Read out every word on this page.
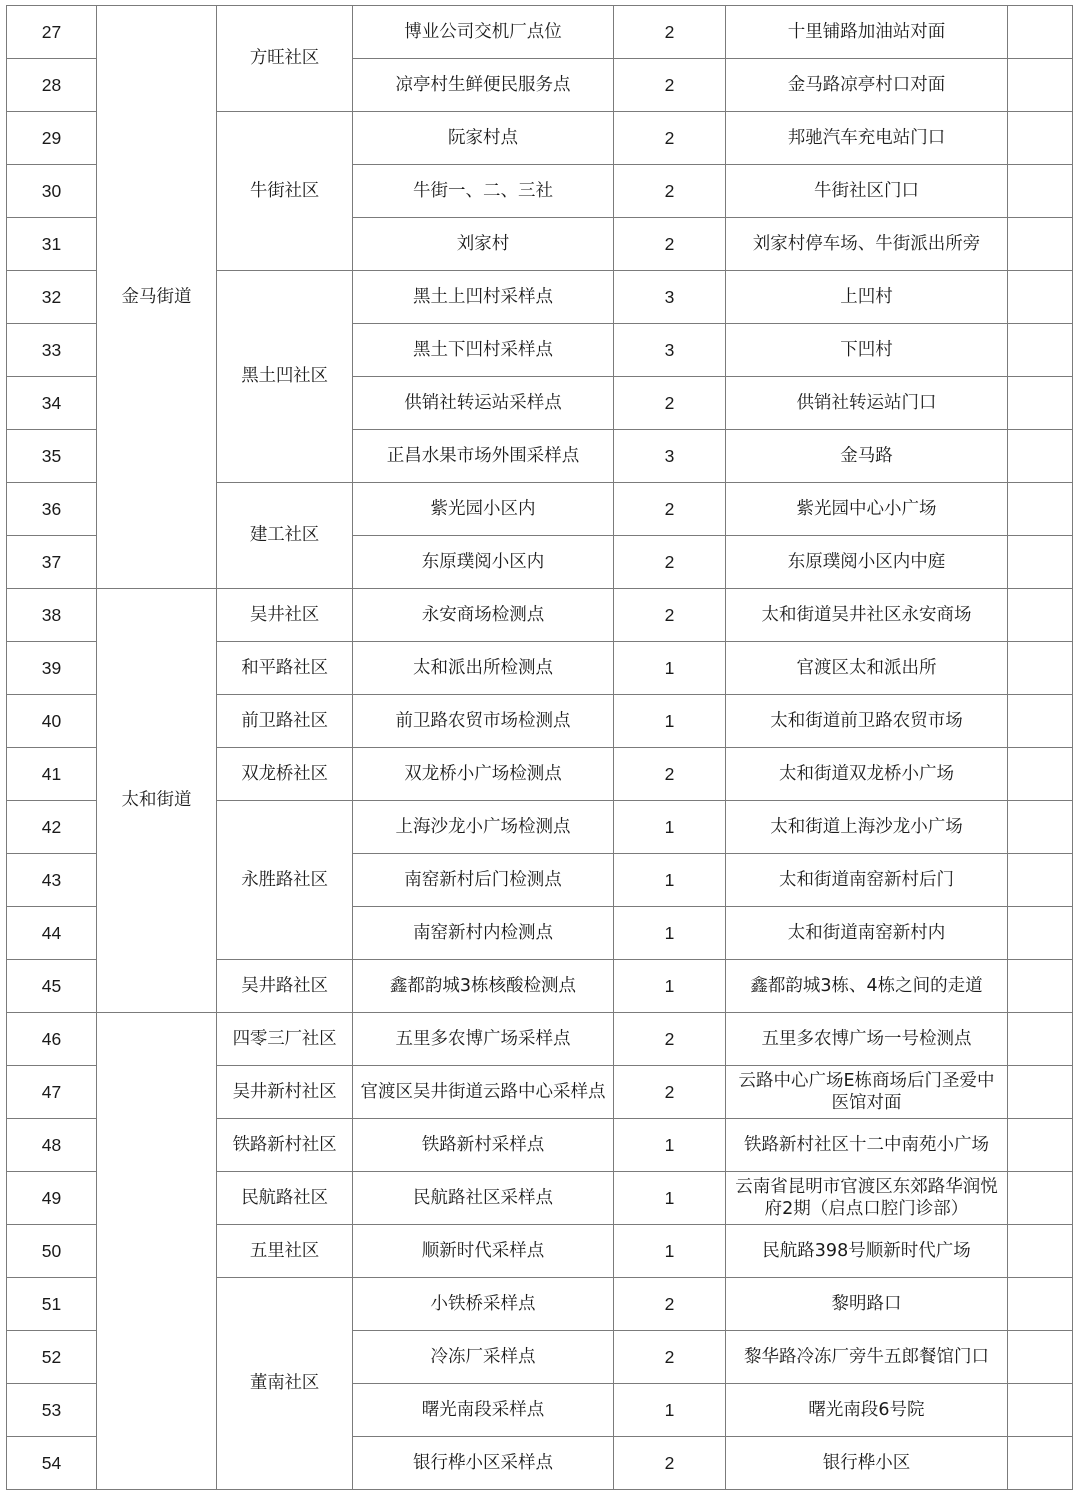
27	金马街道	方旺社区	博业公司交机厂点位	2	十里铺路加油站对面	
28			凉亭村生鲜便民服务点	2	金马路凉亭村口对面	
29		牛街社区	阮家村点	2	邦驰汽车充电站门口	
30			牛街一、二、三社	2	牛街社区门口	
31			刘家村	2	刘家村停车场、牛街派出所旁	
32		黑土凹社区	黑土上凹村采样点	3	上凹村	
33			黑土下凹村采样点	3	下凹村	
34			供销社转运站采样点	2	供销社转运站门口	
35			正昌水果市场外围采样点	3	金马路	
36		建工社区	紫光园小区内	2	紫光园中心小广场	
37			东原璞阅小区内	2	东原璞阅小区内中庭	
38	太和街道	吴井社区	永安商场检测点	2	太和街道吴井社区永安商场	
39		和平路社区	太和派出所检测点	1	官渡区太和派出所	
40		前卫路社区	前卫路农贸市场检测点	1	太和街道前卫路农贸市场	
41		双龙桥社区	双龙桥小广场检测点	2	太和街道双龙桥小广场	
42		永胜路社区	上海沙龙小广场检测点	1	太和街道上海沙龙小广场	
43			南窑新村后门检测点	1	太和街道南窑新村后门	
44			南窑新村内检测点	1	太和街道南窑新村内	
45		吴井路社区	鑫都韵城3栋核酸检测点	1	鑫都韵城3栋、4栋之间的走道	
46		四零三厂社区	五里多农博广场采样点	2	五里多农博广场一号检测点	
47		吴井新村社区	官渡区吴井街道云路中心采样点	2	云路中心广场E栋商场后门圣爱中医馆对面	
48		铁路新村社区	铁路新村采样点	1	铁路新村社区十二中南苑小广场	
49		民航路社区	民航路社区采样点	1	云南省昆明市官渡区东郊路华润悦府2期（启点口腔门诊部）	
50		五里社区	顺新时代采样点	1	民航路398号顺新时代广场	
51		董南社区	小铁桥采样点	2	黎明路口	
52			冷冻厂采样点	2	黎华路冷冻厂旁牛五郎餐馆门口	
53			曙光南段采样点	1	曙光南段6号院	
54			银行桦小区采样点	2	银行桦小区	
